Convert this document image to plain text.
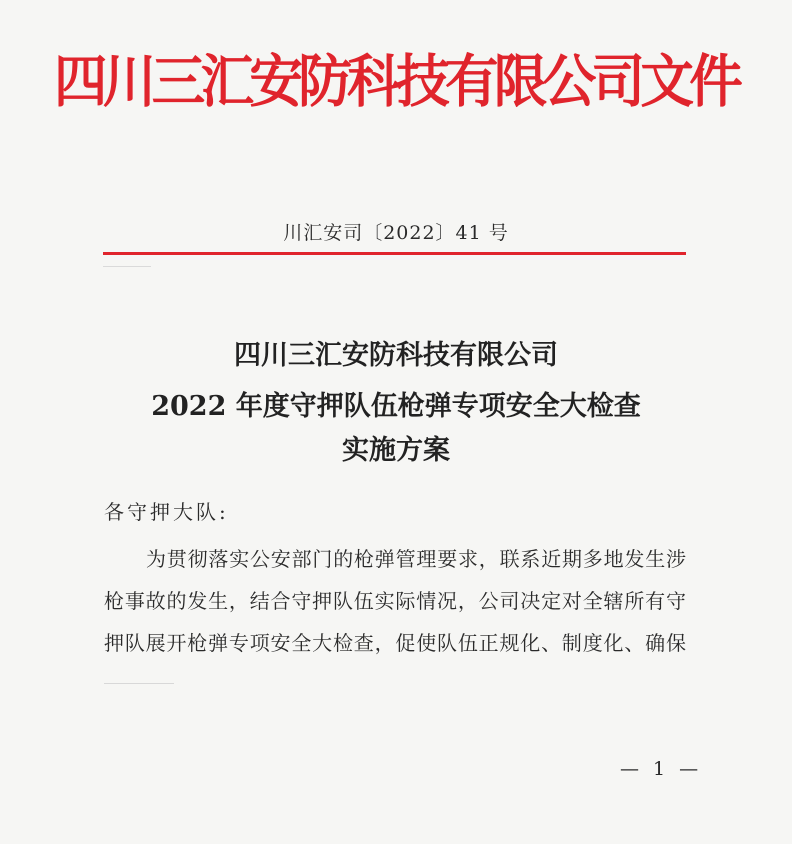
四川三汇安防科技有限公司文件
川汇安司〔2022〕41 号
四川三汇安防科技有限公司
2022 年度守押队伍枪弹专项安全大检查
实施方案
各守押大队:
为贯彻落实公安部门的枪弹管理要求，联系近期多地发生涉
枪事故的发生，结合守押队伍实际情况，公司决定对全辖所有守
押队展开枪弹专项安全大检查，促使队伍正规化、制度化、确保
— 1 —
